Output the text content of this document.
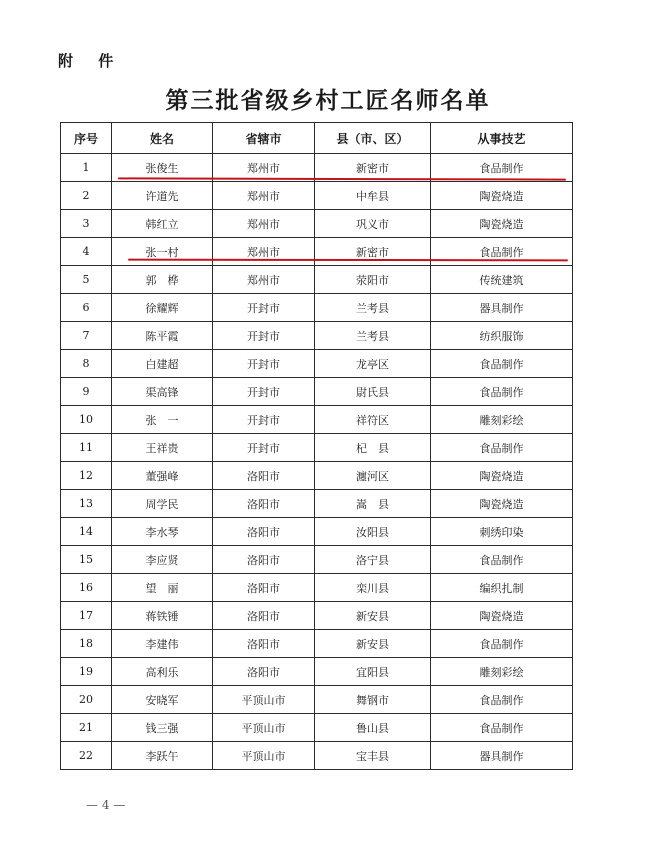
附 件
第三批省级乡村工匠名师名单
序号	姓名	省辖市	县（市、区）	从事技艺
1	张俊生	郑州市	新密市	食品制作
2	许道先	郑州市	中牟县	陶瓷烧造
3	韩红立	郑州市	巩义市	陶瓷烧造
4	张一村	郑州市	新密市	食品制作
5	郭　桦	郑州市	荥阳市	传统建筑
6	徐耀辉	开封市	兰考县	器具制作
7	陈平霞	开封市	兰考县	纺织服饰
8	白建超	开封市	龙亭区	食品制作
9	渠高锋	开封市	尉氏县	食品制作
10	张　一	开封市	祥符区	雕刻彩绘
11	王祥贵	开封市	杞　县	食品制作
12	董强峰	洛阳市	瀍河区	陶瓷烧造
13	周学民	洛阳市	嵩　县	陶瓷烧造
14	李水琴	洛阳市	汝阳县	刺绣印染
15	李应贤	洛阳市	洛宁县	食品制作
16	望　丽	洛阳市	栾川县	编织扎制
17	蒋铁锤	洛阳市	新安县	陶瓷烧造
18	李建伟	洛阳市	新安县	食品制作
19	高利乐	洛阳市	宜阳县	雕刻彩绘
20	安晓军	平顶山市	舞钢市	食品制作
21	钱三强	平顶山市	鲁山县	食品制作
22	李跃午	平顶山市	宝丰县	器具制作
— 4 —
